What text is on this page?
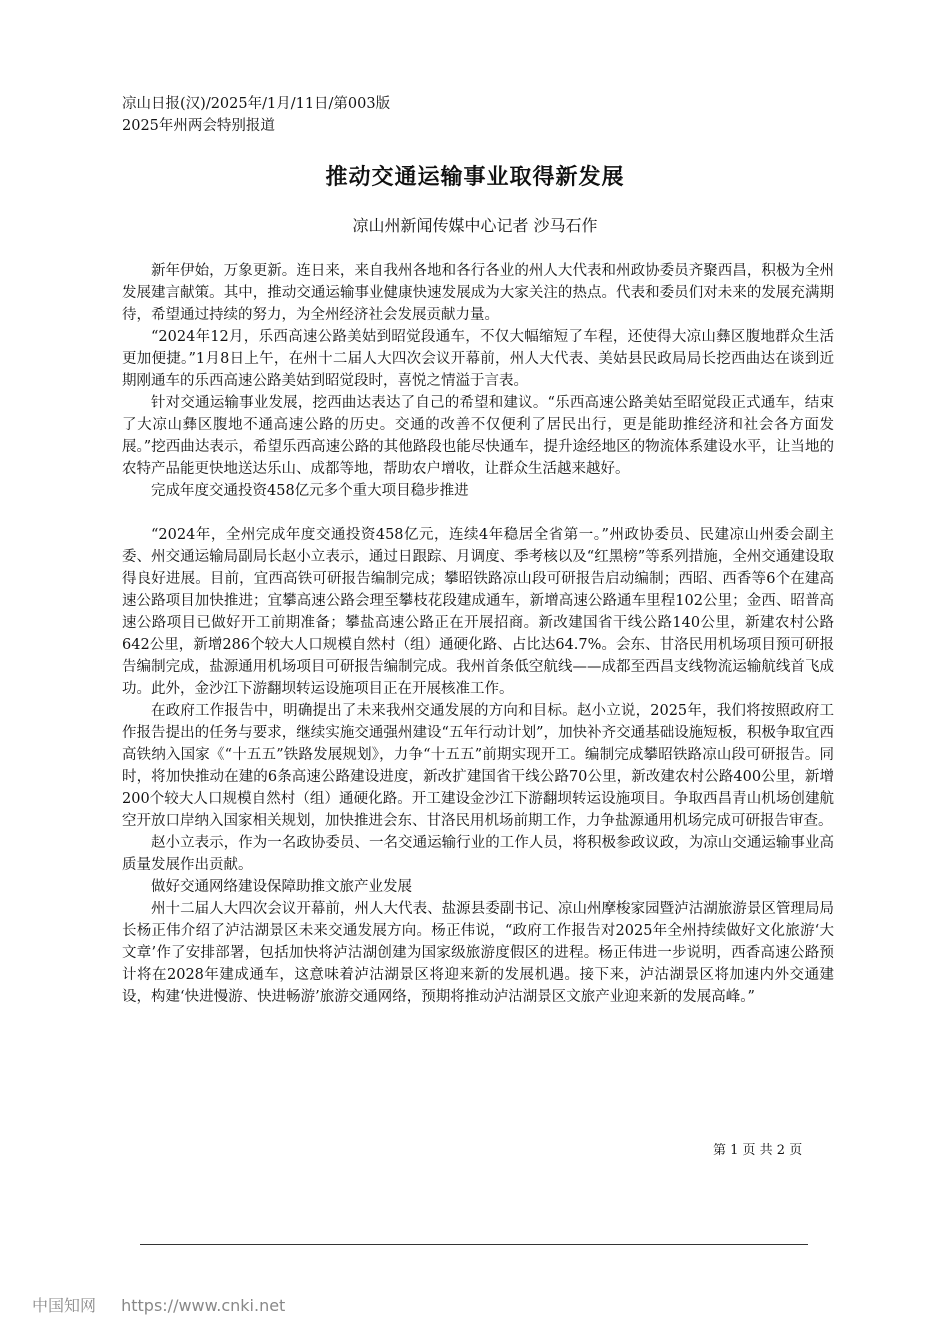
凉山日报(汉)/2025年/1月/11日/第003版 2025年州两会特别报道
推动交通运输事业取得新发展
凉山州新闻传媒中心记者 沙马石作

新年伊始，万象更新。连日来，来自我州各地和各行各业的州人大代表和州政协委员齐聚西昌，积极为全州发展建言献策。其中，推动交通运输事业健康快速发展成为大家关注的热点。代表和委员们对未来的发展充满期待，希望通过持续的努力，为全州经济社会发展贡献力量。

“2024年12月，乐西高速公路美姑到昭觉段通车，不仅大幅缩短了车程，还使得大凉山彝区腹地群众生活更加便捷。”1月8日上午，在州十二届人大四次会议开幕前，州人大代表、美姑县民政局局长挖西曲达在谈到近期刚通车的乐西高速公路美姑到昭觉段时，喜悦之情溢于言表。

针对交通运输事业发展，挖西曲达表达了自己的希望和建议。“乐西高速公路美姑至昭觉段正式通车，结束了大凉山彝区腹地不通高速公路的历史。交通的改善不仅便利了居民出行，更是能助推经济和社会各方面发展。”挖西曲达表示，希望乐西高速公路的其他路段也能尽快通车，提升途经地区的物流体系建设水平，让当地的农特产品能更快地送达乐山、成都等地，帮助农户增收，让群众生活越来越好。

完成年度交通投资458亿元多个重大项目稳步推进

“2024年，全州完成年度交通投资458亿元，连续4年稳居全省第一。”州政协委员、民建凉山州委会副主委、州交通运输局副局长赵小立表示，通过日跟踪、月调度、季考核以及“红黑榜”等系列措施，全州交通建设取得良好进展。目前，宜西高铁可研报告编制完成；攀昭铁路凉山段可研报告启动编制；西昭、西香等6个在建高速公路项目加快推进；宜攀高速公路会理至攀枝花段建成通车，新增高速公路通车里程102公里；金西、昭普高速公路项目已做好开工前期准备；攀盐高速公路正在开展招商。新改建国省干线公路140公里，新建农村公路642公里，新增286个较大人口规模自然村（组）通硬化路、占比达64.7%。会东、甘洛民用机场项目预可研报告编制完成，盐源通用机场项目可研报告编制完成。我州首条低空航线——成都至西昌支线物流运输航线首飞成功。此外，金沙江下游翻坝转运设施项目正在开展核准工作。

在政府工作报告中，明确提出了未来我州交通发展的方向和目标。赵小立说，2025年，我们将按照政府工作报告提出的任务与要求，继续实施交通强州建设“五年行动计划”，加快补齐交通基础设施短板，积极争取宜西高铁纳入国家《“十五五”铁路发展规划》，力争“十五五”前期实现开工。编制完成攀昭铁路凉山段可研报告。同时，将加快推动在建的6条高速公路建设进度，新改扩建国省干线公路70公里，新改建农村公路400公里，新增200个较大人口规模自然村（组）通硬化路。开工建设金沙江下游翻坝转运设施项目。争取西昌青山机场创建航空开放口岸纳入国家相关规划，加快推进会东、甘洛民用机场前期工作，力争盐源通用机场完成可研报告审查。

赵小立表示，作为一名政协委员、一名交通运输行业的工作人员，将积极参政议政，为凉山交通运输事业高质量发展作出贡献。

做好交通网络建设保障助推文旅产业发展

州十二届人大四次会议开幕前，州人大代表、盐源县委副书记、凉山州摩梭家园暨泸沽湖旅游景区管理局局长杨正伟介绍了泸沽湖景区未来交通发展方向。杨正伟说，“政府工作报告对2025年全州持续做好文化旅游‘大文章’作了安排部署，包括加快将泸沽湖创建为国家级旅游度假区的进程。杨正伟进一步说明，西香高速公路预计将在2028年建成通车，这意味着泸沽湖景区将迎来新的发展机遇。接下来，泸沽湖景区将加速内外交通建设，构建‘快进慢游、快进畅游’旅游交通网络，预期将推动泸沽湖景区文旅产业迎来新的发展高峰。”

第 1 页 共 2 页
中国知网 https://www.cnki.net
